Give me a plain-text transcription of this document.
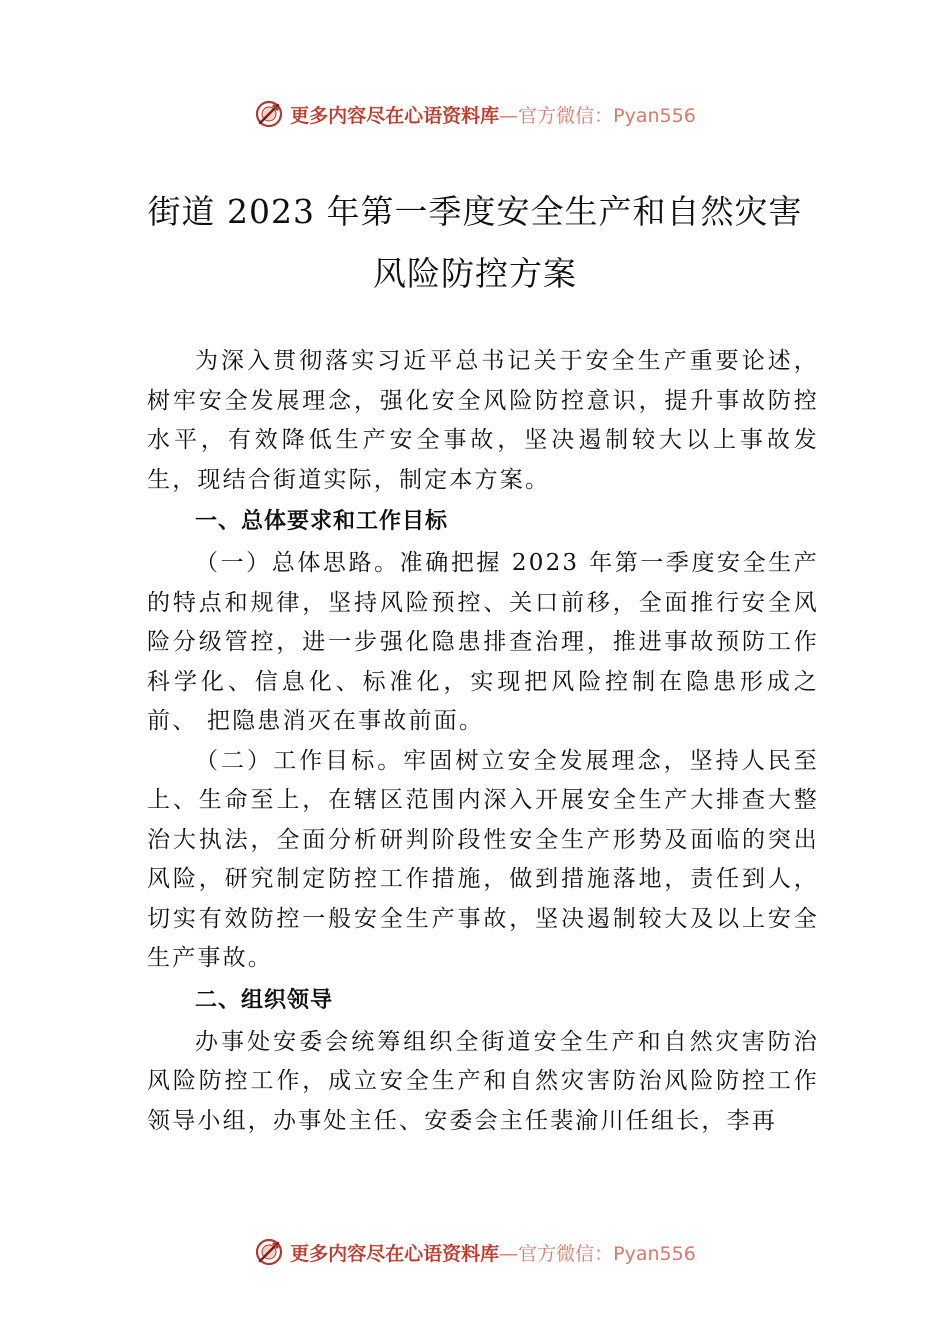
更多内容尽在心语资料库 —官方微信：Pyan556
街道 2023 年第一季度安全生产和自然灾害
风险防控方案

为深入贯彻落实习近平总书记关于安全生产重要论述，树牢安全发展理念，强化安全风险防控意识，提升事故防控水平，有效降低生产安全事故，坚决遏制较大以上事故发生，现结合街道实际，制定本方案。

一、总体要求和工作目标

（一）总体思路。准确把握 2023 年第一季度安全生产的特点和规律，坚持风险预控、关口前移，全面推行安全风险分级管控，进一步强化隐患排查治理，推进事故预防工作科学化、信息化、标准化，实现把风险控制在隐患形成之前、 把隐患消灭在事故前面。

（二）工作目标。牢固树立安全发展理念，坚持人民至上、生命至上，在辖区范围内深入开展安全生产大排查大整治大执法，全面分析研判阶段性安全生产形势及面临的突出风险，研究制定防控工作措施，做到措施落地，责任到人， 切实有效防控一般安全生产事故，坚决遏制较大及以上安全生产事故。

二、组织领导

办事处安委会统筹组织全街道安全生产和自然灾害防治风险防控工作，成立安全生产和自然灾害防治风险防控工作领导小组，办事处主任、安委会主任裴渝川任组长，李再

更多内容尽在心语资料库 —官方微信：Pyan556
